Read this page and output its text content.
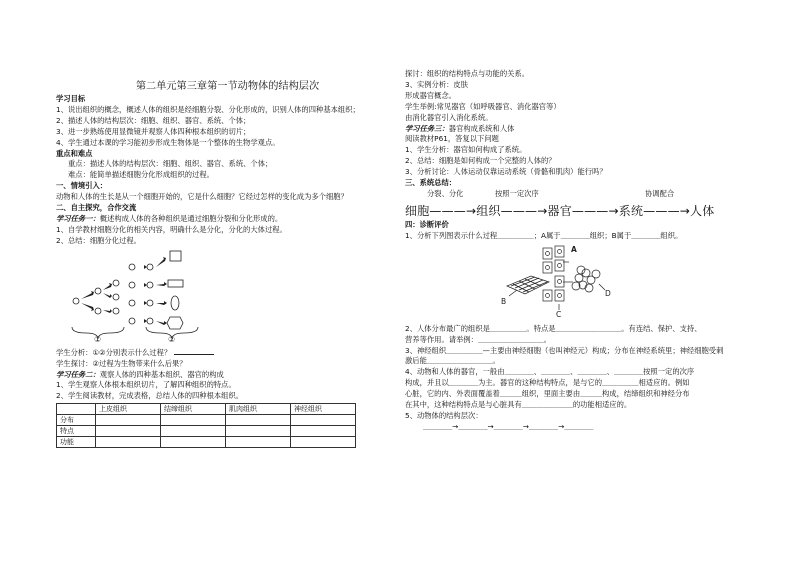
第二单元第三章第一节动物体的结构层次
学习目标
1、说出组织的概念，概述人体的组织是经细胞分裂、分化形成的，识别人体的四种基本组织；
2、描述人体的结构层次：细胞、组织、器官、系统、个体；
3、进一步熟练使用显微镜并观察人体四种根本组织的切片；
4、学生通过本课的学习能初步形成生物体是一个整体的生物学观点。
重点和难点
重点：描述人体的结构层次：细胞、组织、器官、系统、个体；
难点：能简单描述细胞分化形成组织的过程。
一、情境引入：
动物和人体的生长是从一个细胞开始的，它是什么细胞？它经过怎样的变化成为多个细胞？
二、自主探究，合作交流
学习任务一：概述构成人体的各种组织是通过细胞分裂和分化形成的。
1、自学教材细胞分化的相关内容，明确什么是分化，分化的大体过程。
2、总结：细胞分化过程。
①	②
学生分析：①②分别表示什么过程？
学生探讨：②过程为生物带来什么后果？
学习任务二：观察人体的四种基本组织、器官的构成
1、学生观察人体根本组织切片，了解四种组织的特点。
2、学生阅读教材，完成表格，总结人体的四种根本组织。
	上皮组织	结缔组织	肌肉组织	神经组织
分布				
特点				
功能				
探讨：组织的结构特点与功能的关系。
3、实例分析：皮肤
形成器官概念。
学生举例:常见器官（如呼吸器官、消化器官等）
由消化器官引入消化系统。
学习任务三：器官构成系统和人体
阅读教材P61，答复以下问题
1、学生分析：器官如何构成了系统。
2、总结：细胞是如何构成一个完整的人体的？
3、分析讨论：人体运动仅靠运动系统（骨骼和肌肉）能行吗？
三、系统总结：
分裂、分化	按照一定次序	协调配合
细胞———→组织———→器官———→系统———→人体
四：诊断评价
1、分析下列图表示什么过程＿＿＿＿＿；A属于＿＿＿＿组织；B属于＿＿＿＿组织。
A
B
C
D
2、人体分布最广的组织是＿＿＿＿＿。特点是＿＿＿＿＿＿＿＿＿。有连结、保护、支持、
营养等作用。请举例：＿＿＿＿＿＿＿＿＿。
3、神经组织＿＿＿＿＿—主要由神经细胞（也叫神经元）构成；分布在神经系统里；神经细胞受刺
激后能＿＿＿＿＿＿＿＿＿。
4、动物和人体的器官，一般由＿＿＿＿、＿＿＿＿、＿＿＿＿、＿＿＿＿按照一定的次序
构成，并且以＿＿＿＿为主。器官的这种结构特点，是与它的＿＿＿＿＿相适应的。例如
心脏，它的内、外表面覆盖着＿＿＿组织，里面主要由＿＿＿构成，结缔组织和神经分布
在其中，这种结构特点是与心脏具有＿＿＿＿＿＿＿的功能相适应的。
5、动物体的结构层次：
＿＿＿＿→＿＿＿＿→＿＿＿＿→＿＿＿＿→＿＿＿＿
